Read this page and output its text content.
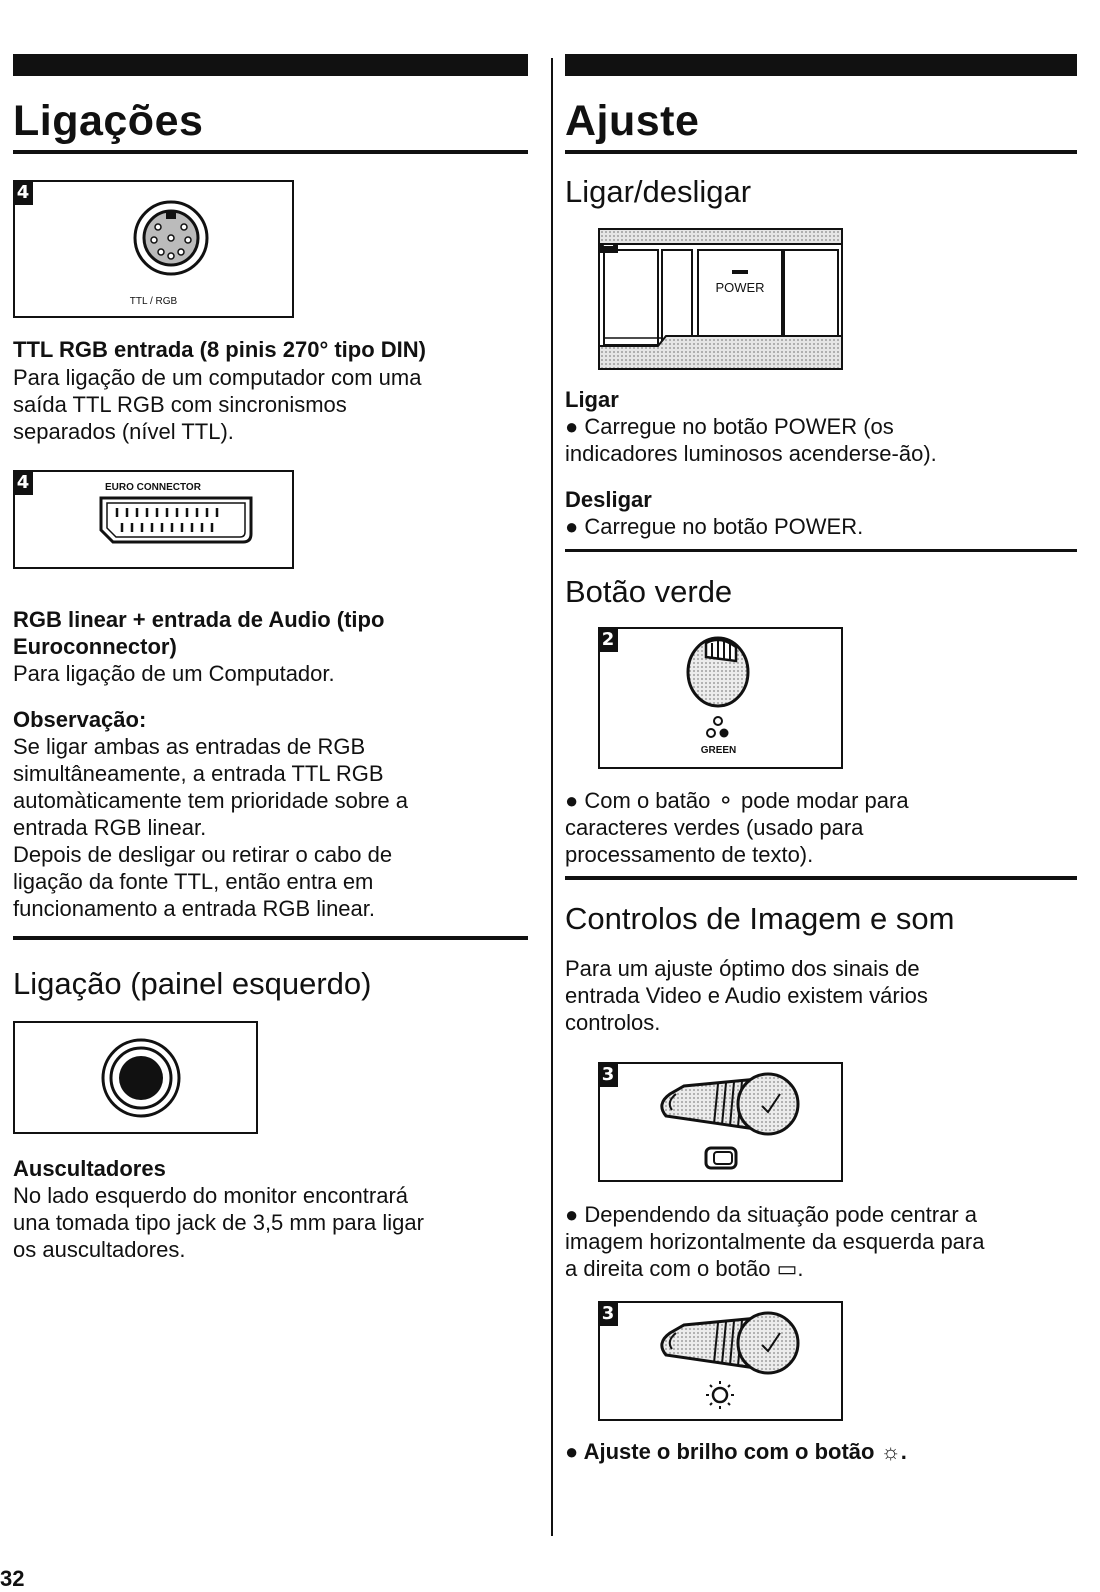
Ligações
4
TTL / RGB
TTL RGB entrada (8 pinis 270° tipo DIN)
Para ligação de um computador com uma
saída TTL RGB com sincronismos
separados (nível TTL).
4	EURO CONNECTOR
RGB linear + entrada de Audio (tipo
Euroconnector)
Para ligação de um Computador.
Observação:
Se ligar ambas as entradas de RGB
simultâneamente, a entrada TTL RGB
automàticamente tem prioridade sobre a
entrada RGB linear.
Depois de desligar ou retirar o cabo de
ligação da fonte TTL, então entra em
funcionamento a entrada RGB linear.
Ligação (painel esquerdo)
Auscultadores
No lado esquerdo do monitor encontrará
una tomada tipo jack de 3,5 mm para ligar
os auscultadores.
Ajuste
Ligar/desligar
POWER
Ligar
● Carregue no botão POWER (os
indicadores luminosos acenderse-ão).
Desligar
● Carregue no botão POWER.
Botão verde
2
GREEN
● Com o batão ⚬ pode modar para
caracteres verdes (usado para
processamento de texto).
Controlos de Imagem e som
Para um ajuste óptimo dos sinais de
entrada Video e Audio existem vários
controlos.
3
● Dependendo da situação pode centrar a
imagem horizontalmente da esquerda para
a direita com o botão ▭.
3
● Ajuste o brilho com o botão ☼.
32
